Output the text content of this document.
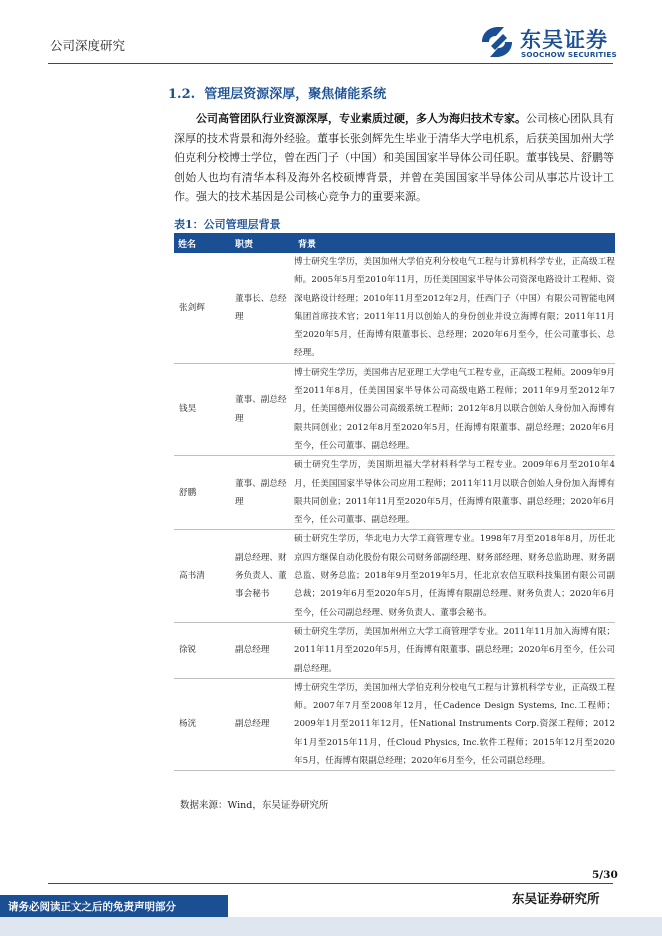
公司深度研究	东吴证券
SOOCHOW SECURITIES
1.2. 管理层资源深厚，聚焦储能系统

公司高管团队行业资源深厚，专业素质过硬，多人为海归技术专家。公司核心团队具有深厚的技术背景和海外经验。董事长张剑辉先生毕业于清华大学电机系，后获美国加州大学伯克利分校博士学位，曾在西门子（中国）和美国国家半导体公司任职。董事钱昊、舒鹏等创始人也均有清华本科及海外名校硕博背景，并曾在美国国家半导体公司从事芯片设计工作。强大的技术基因是公司核心竞争力的重要来源。

表1：公司管理层背景
姓名	职责	背景
张剑辉	董事长、总经理	博士研究生学历，美国加州大学伯克利分校电气工程与计算机科学专业，正高级工程师。2005年5月至2010年11月，历任美国国家半导体公司资深电路设计工程师、资深电路设计经理；2010年11月至2012年2月，任西门子（中国）有限公司智能电网集团首席技术官；2011年11月以创始人的身份创业并设立海博有限；2011年11月至2020年5月，任海博有限董事长、总经理；2020年6月至今，任公司董事长、总经理。
钱昊	董事、副总经理	博士研究生学历，美国弗吉尼亚理工大学电气工程专业，正高级工程师。2009年9月至2011年8月，任美国国家半导体公司高级电路工程师；2011年9月至2012年7月，任美国德州仪器公司高级系统工程师；2012年8月以联合创始人身份加入海博有限共同创业；2012年8月至2020年5月，任海博有限董事、副总经理；2020年6月至今，任公司董事、副总经理。
舒鹏	董事、副总经理	硕士研究生学历，美国斯坦福大学材料科学与工程专业。2009年6月至2010年4月，任美国国家半导体公司应用工程师；2011年11月以联合创始人身份加入海博有限共同创业；2011年11月至2020年5月，任海博有限董事、副总经理；2020年6月至今，任公司董事、副总经理。
高书清	副总经理、财务负责人、董事会秘书	硕士研究生学历，华北电力大学工商管理专业。1998年7月至2018年8月，历任北京四方继保自动化股份有限公司财务部副经理、财务部经理、财务总监助理、财务副总监、财务总监；2018年9月至2019年5月，任北京农信互联科技集团有限公司副总裁；2019年6月至2020年5月，任海博有限副总经理、财务负责人；2020年6月至今，任公司副总经理、财务负责人、董事会秘书。
徐锐	副总经理	硕士研究生学历，美国加州州立大学工商管理学专业。2011年11月加入海博有限；2011年11月至2020年5月，任海博有限董事、副总经理；2020年6月至今，任公司副总经理。
杨洸	副总经理	博士研究生学历，美国加州大学伯克利分校电气工程与计算机科学专业，正高级工程师。2007年7月至2008年12月，任Cadence Design Systems, Inc.工程师；2009年1月至2011年12月，任National Instruments Corp.资深工程师；2012年1月至2015年11月，任Cloud Physics, Inc.软件工程师；2015年12月至2020年5月，任海博有限副总经理；2020年6月至今，任公司副总经理。
数据来源：Wind，东吴证券研究所
5/30
请务必阅读正文之后的免责声明部分
东吴证券研究所
